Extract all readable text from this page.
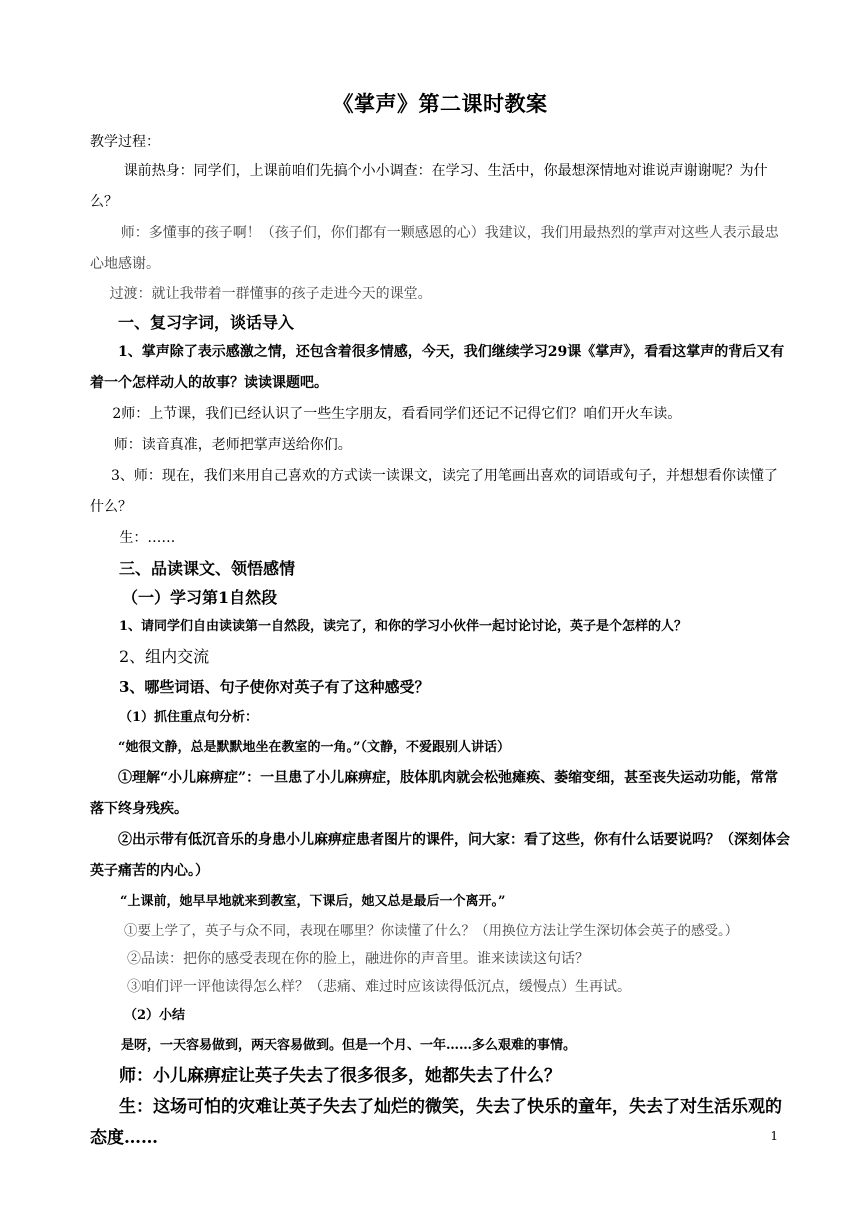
《掌声》第二课时教案

教学过程：

课前热身：同学们，上课前咱们先搞个小小调查：在学习、生活中，你最想深情地对谁说声谢谢呢？为什么？

师：多懂事的孩子啊！（孩子们，你们都有一颗感恩的心）我建议，我们用最热烈的掌声对这些人表示最忠心地感谢。

过渡：就让我带着一群懂事的孩子走进今天的课堂。

一、复习字词，谈话导入

1、掌声除了表示感激之情，还包含着很多情感，今天，我们继续学习29课《掌声》，看看这掌声的背后又有着一个怎样动人的故事？读读课题吧。

2师：上节课，我们已经认识了一些生字朋友，看看同学们还记不记得它们？咱们开火车读。

师：读音真准，老师把掌声送给你们。

3、师：现在，我们来用自己喜欢的方式读一读课文，读完了用笔画出喜欢的词语或句子，并想想看你读懂了什么？

生：……

三、品读课文、领悟感情

（一）学习第1自然段

1、请同学们自由读读第一自然段，读完了，和你的学习小伙伴一起讨论讨论，英子是个怎样的人？

2、组内交流

3、哪些词语、句子使你对英子有了这种感受？

（1）抓住重点句分析：

“她很文静，总是默默地坐在教室的一角。”（文静，不爱跟别人讲话）

①理解“小儿麻痹症”：一旦患了小儿麻痹症，肢体肌肉就会松弛瘫痪、萎缩变细，甚至丧失运动功能，常常落下终身残疾。

②出示带有低沉音乐的身患小儿麻痹症患者图片的课件，问大家：看了这些，你有什么话要说吗？（深刻体会英子痛苦的内心。）

“上课前，她早早地就来到教室，下课后，她又总是最后一个离开。”

①要上学了，英子与众不同，表现在哪里？你读懂了什么？（用换位方法让学生深切体会英子的感受。）

②品读：把你的感受表现在你的脸上，融进你的声音里。谁来读读这句话？

③咱们评一评他读得怎么样？（悲痛、难过时应该读得低沉点，缓慢点）生再试。

（2）小结

是呀，一天容易做到，两天容易做到。但是一个月、一年……多么艰难的事情。

师：小儿麻痹症让英子失去了很多很多，她都失去了什么？

生：这场可怕的灾难让英子失去了灿烂的微笑，失去了快乐的童年，失去了对生活乐观的态度……	1
